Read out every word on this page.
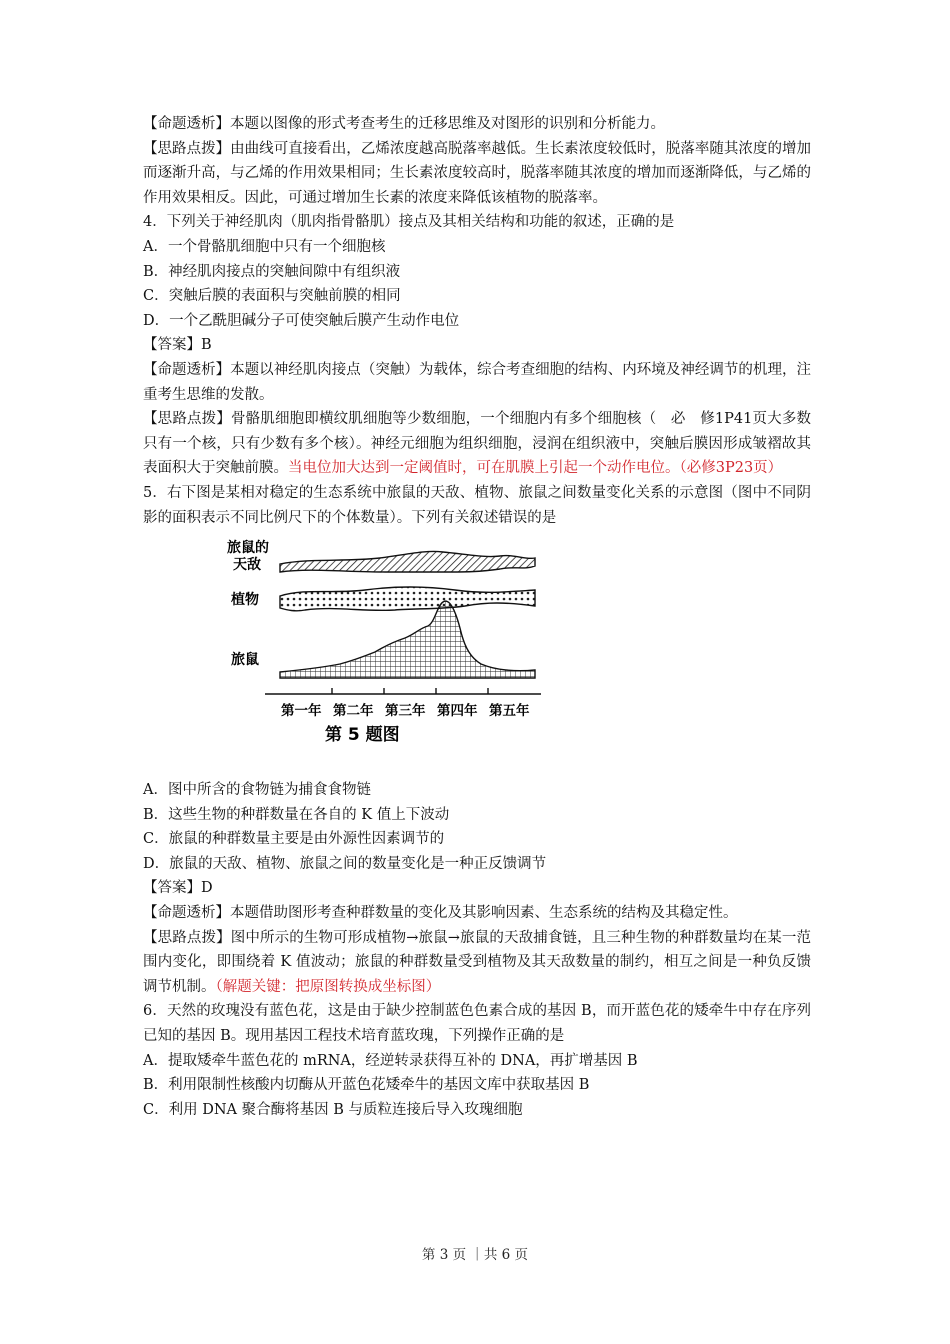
【命题透析】本题以图像的形式考查考生的迁移思维及对图形的识别和分析能力。

【思路点拨】由曲线可直接看出，乙烯浓度越高脱落率越低。生长素浓度较低时，脱落率随其浓度的增加而逐渐升高，与乙烯的作用效果相同；生长素浓度较高时，脱落率随其浓度的增加而逐渐降低，与乙烯的作用效果相反。因此，可通过增加生长素的浓度来降低该植物的脱落率。

4．下列关于神经肌肉（肌肉指骨骼肌）接点及其相关结构和功能的叙述，正确的是

A．一个骨骼肌细胞中只有一个细胞核

B．神经肌肉接点的突触间隙中有组织液

C．突触后膜的表面积与突触前膜的相同

D．一个乙酰胆碱分子可使突触后膜产生动作电位

【答案】B

【命题透析】本题以神经肌肉接点（突触）为载体，综合考查细胞的结构、内环境及神经调节的机理，注重考生思维的发散。

【思路点拨】骨骼肌细胞即横纹肌细胞等少数细胞，一个细胞内有多个细胞核（　必　修1P41页大多数只有一个核，只有少数有多个核）。神经元细胞为组织细胞，浸润在组织液中，突触后膜因形成皱褶故其表面积大于突触前膜。当电位加大达到一定阈值时，可在肌膜上引起一个动作电位。（必修3P23页）

5．右下图是某相对稳定的生态系统中旅鼠的天敌、植物、旅鼠之间数量变化关系的示意图（图中不同阴影的面积表示不同比例尺下的个体数量）。下列有关叙述错误的是

旅鼠的
天敌
植物
旅鼠
第一年 第二年 第三年 第四年 第五年
第 5 题图

A．图中所含的食物链为捕食食物链

B．这些生物的种群数量在各自的 K 值上下波动

C．旅鼠的种群数量主要是由外源性因素调节的

D．旅鼠的天敌、植物、旅鼠之间的数量变化是一种正反馈调节

【答案】D

【命题透析】本题借助图形考查种群数量的变化及其影响因素、生态系统的结构及其稳定性。

【思路点拨】图中所示的生物可形成植物→旅鼠→旅鼠的天敌捕食链，且三种生物的种群数量均在某一范围内变化，即围绕着 K 值波动；旅鼠的种群数量受到植物及其天敌数量的制约，相互之间是一种负反馈调节机制。（解题关键：把原图转换成坐标图）

6．天然的玫瑰没有蓝色花，这是由于缺少控制蓝色色素合成的基因 B，而开蓝色花的矮牵牛中存在序列已知的基因 B。现用基因工程技术培育蓝玫瑰，下列操作正确的是

A．提取矮牵牛蓝色花的 mRNA，经逆转录获得互补的 DNA，再扩增基因 B

B．利用限制性核酸内切酶从开蓝色花矮牵牛的基因文库中获取基因 B

C．利用 DNA 聚合酶将基因 B 与质粒连接后导入玫瑰细胞

第 3 页 ｜共 6 页
